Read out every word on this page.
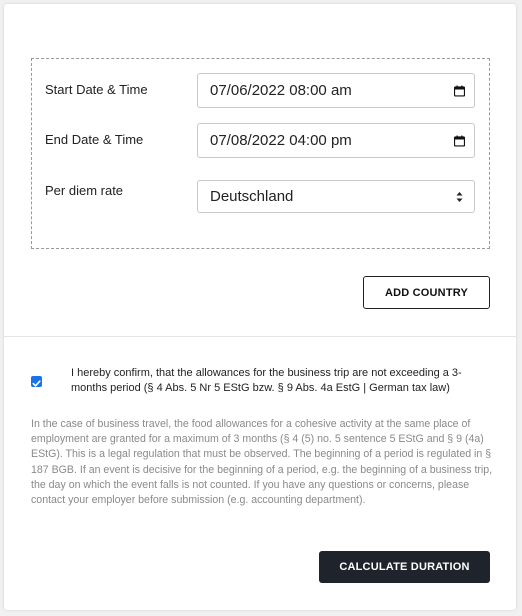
Start Date & Time	07/06/2022 08:00 am
End Date & Time	07/08/2022 04:00 pm
Per diem rate	Deutschland
ADD COUNTRY
I hereby confirm, that the allowances for the business trip are not exceeding a 3-months period (§ 4 Abs. 5 Nr 5 EStG bzw. § 9 Abs. 4a EstG | German tax law)
In the case of business travel, the food allowances for a cohesive activity at the same place of employment are granted for a maximum of 3 months (§ 4 (5) no. 5 sentence 5 EStG and § 9 (4a) EStG). This is a legal regulation that must be observed. The beginning of a period is regulated in § 187 BGB. If an event is decisive for the beginning of a period, e.g. the beginning of a business trip, the day on which the event falls is not counted. If you have any questions or concerns, please contact your employer before submission (e.g. accounting department).
CALCULATE DURATION
